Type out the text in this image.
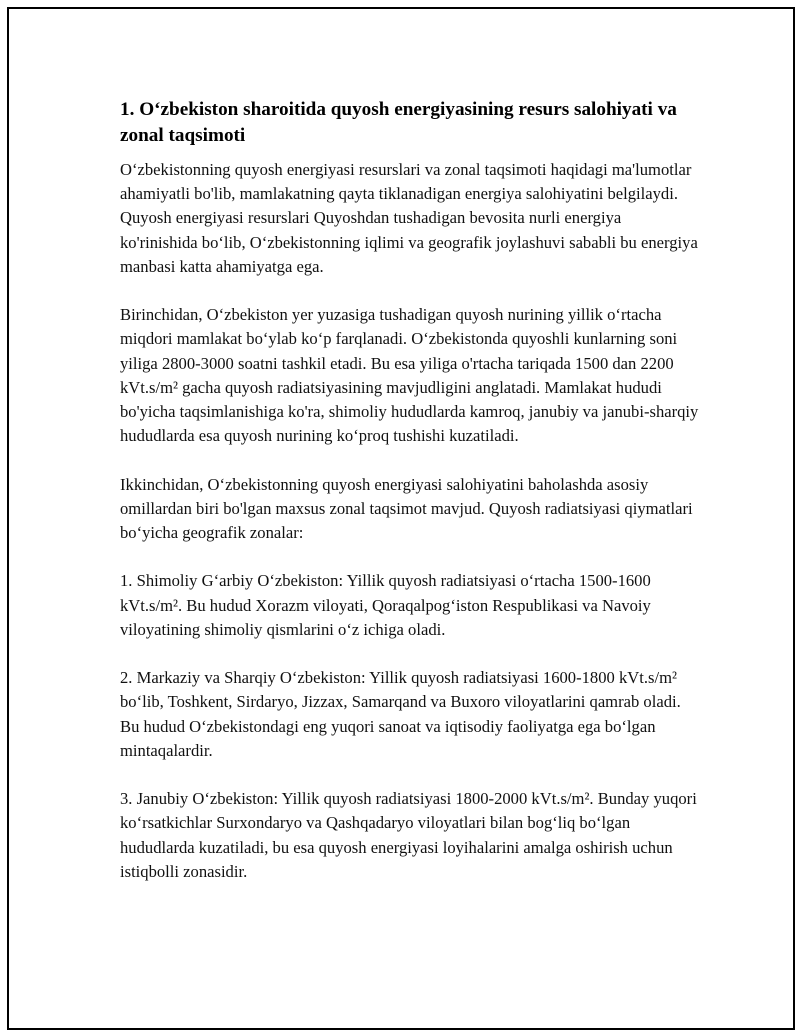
1. O‘zbekiston sharoitida quyosh energiyasining resurs salohiyati va zonal taqsimoti

O‘zbekistonning quyosh energiyasi resurslari va zonal taqsimoti haqidagi ma'lumotlar ahamiyatli bo'lib, mamlakatning qayta tiklanadigan energiya salohiyatini belgilaydi. Quyosh energiyasi resurslari Quyoshdan tushadigan bevosita nurli energiya ko'rinishida bo‘lib, O‘zbekistonning iqlimi va geografik joylashuvi sababli bu energiya manbasi katta ahamiyatga ega.

Birinchidan, O‘zbekiston yer yuzasiga tushadigan quyosh nurining yillik o‘rtacha miqdori mamlakat bo‘ylab ko‘p farqlanadi. O‘zbekistonda quyoshli kunlarning soni yiliga 2800-3000 soatni tashkil etadi. Bu esa yiliga o'rtacha tariqada 1500 dan 2200 kVt.s/m² gacha quyosh radiatsiyasining mavjudligini anglatadi. Mamlakat hududi bo'yicha taqsimlanishiga ko'ra, shimoliy hududlarda kamroq, janubiy va janubi-sharqiy hududlarda esa quyosh nurining ko‘proq tushishi kuzatiladi.

Ikkinchidan, O‘zbekistonning quyosh energiyasi salohiyatini baholashda asosiy omillardan biri bo'lgan maxsus zonal taqsimot mavjud. Quyosh radiatsiyasi qiymatlari bo‘yicha geografik zonalar:

1. Shimoliy G‘arbiy O‘zbekiston: Yillik quyosh radiatsiyasi o‘rtacha 1500-1600 kVt.s/m². Bu hudud Xorazm viloyati, Qoraqalpog‘iston Respublikasi va Navoiy viloyatining shimoliy qismlarini o‘z ichiga oladi.

2. Markaziy va Sharqiy O‘zbekiston: Yillik quyosh radiatsiyasi 1600-1800 kVt.s/m² bo‘lib, Toshkent, Sirdaryo, Jizzax, Samarqand va Buxoro viloyatlarini qamrab oladi. Bu hudud O‘zbekistondagi eng yuqori sanoat va iqtisodiy faoliyatga ega bo‘lgan mintaqalardir.

3. Janubiy O‘zbekiston: Yillik quyosh radiatsiyasi 1800-2000 kVt.s/m². Bunday yuqori ko‘rsatkichlar Surxondaryo va Qashqadaryo viloyatlari bilan bog‘liq bo‘lgan hududlarda kuzatiladi, bu esa quyosh energiyasi loyihalarini amalga oshirish uchun istiqbolli zonasidir.
